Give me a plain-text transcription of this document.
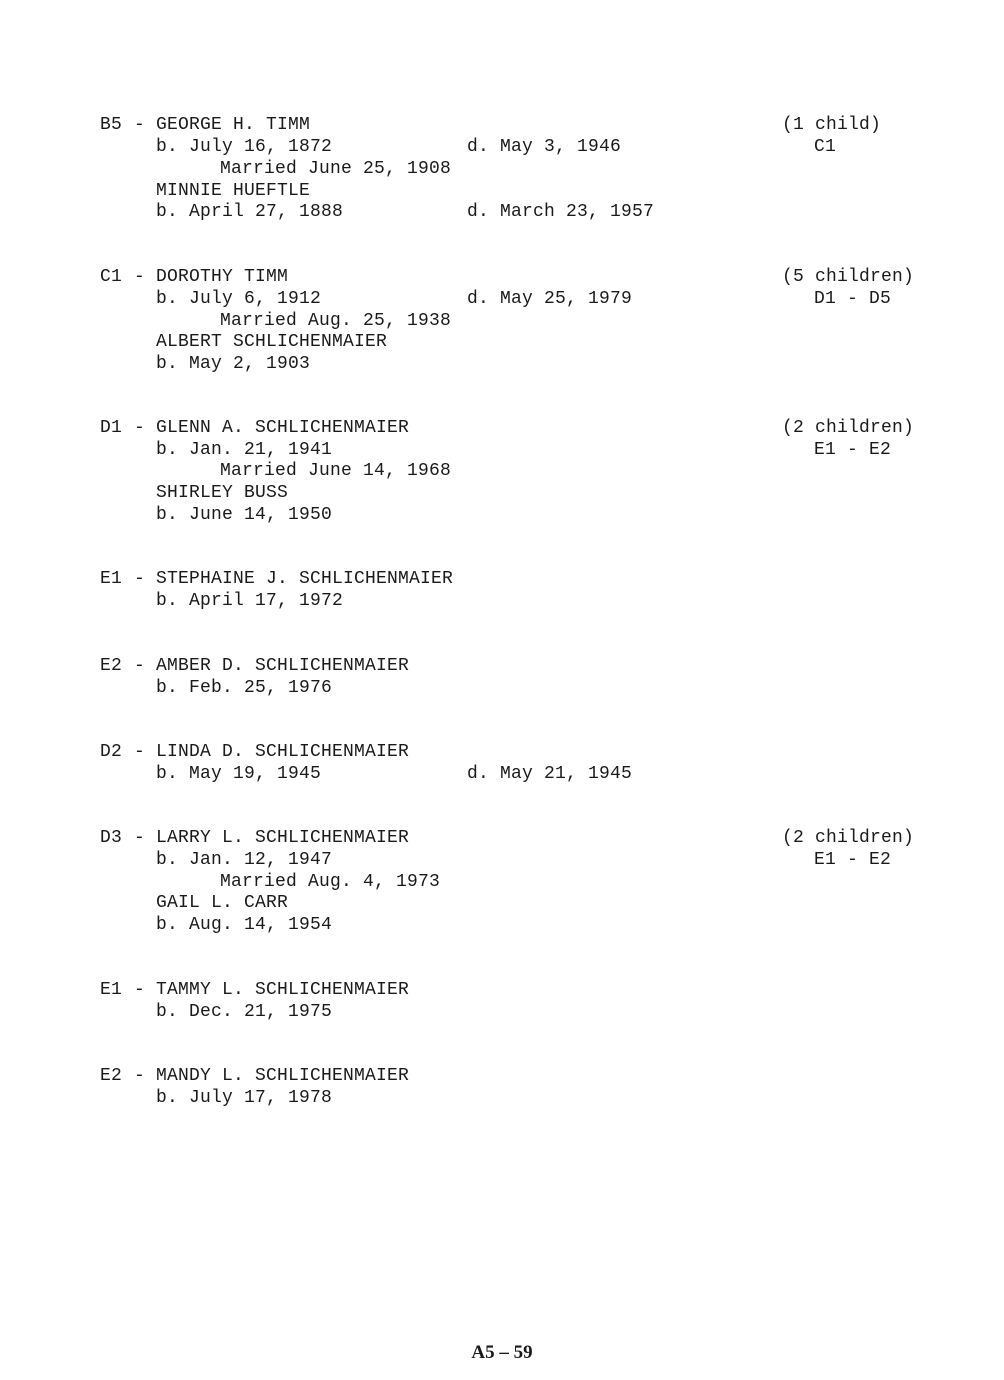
B5 - GEORGE H. TIMM
b. July 16, 1872	d. May 3, 1946
Married June 25, 1908
MINNIE HUEFTLE
b. April 27, 1888	d. March 23, 1957
(1 child)
C1
C1 - DOROTHY TIMM
b. July 6, 1912	d. May 25, 1979
Married Aug. 25, 1938
ALBERT SCHLICHENMAIER
b. May 2, 1903
(5 children)
D1 - D5
D1 - GLENN A. SCHLICHENMAIER
b. Jan. 21, 1941
Married June 14, 1968
SHIRLEY BUSS
b. June 14, 1950
(2 children)
E1 - E2
E1 - STEPHAINE J. SCHLICHENMAIER
b. April 17, 1972
E2 - AMBER D. SCHLICHENMAIER
b. Feb. 25, 1976
D2 - LINDA D. SCHLICHENMAIER
b. May 19, 1945	d. May 21, 1945
D3 - LARRY L. SCHLICHENMAIER
b. Jan. 12, 1947
Married Aug. 4, 1973
GAIL L. CARR
b. Aug. 14, 1954
(2 children)
E1 - E2
E1 - TAMMY L. SCHLICHENMAIER
b. Dec. 21, 1975
E2 - MANDY L. SCHLICHENMAIER
b. July 17, 1978
A5 – 59
